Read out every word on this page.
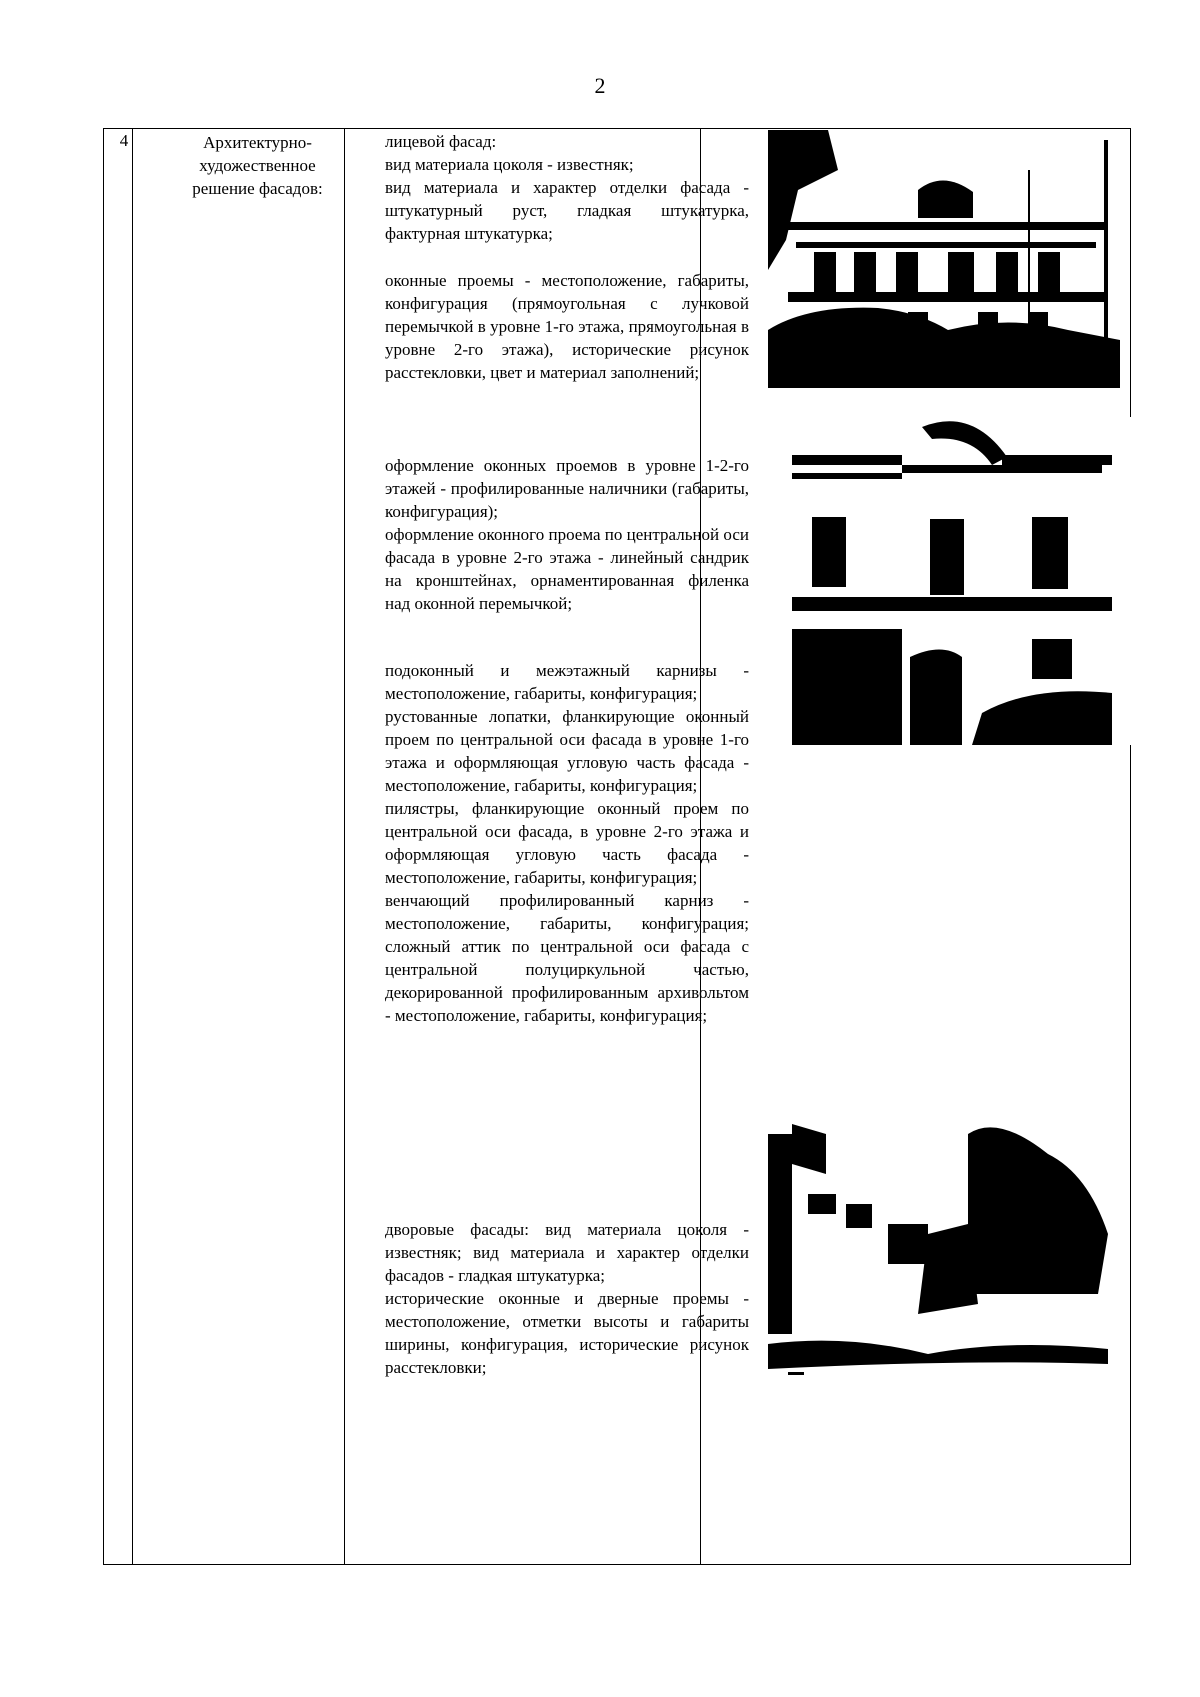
2
4	Архитектурно-
художественное
решение фасадов:

лицевой фасад:
вид материала цоколя - известняк;
вид материала и характер отделки фасада - штукатурный руст, гладкая штукатурка, фактурная штукатурка;

оконные проемы - местоположение, габариты, конфигурация (прямоугольная с лучковой перемычкой в уровне 1-го этажа, прямоугольная в уровне 2-го этажа), исторические рисунок расстекловки, цвет и материал заполнений;

оформление оконных проемов в уровне 1-2-го этажей - профилированные наличники (габариты, конфигурация);
оформление оконного проема по центральной оси фасада в уровне 2-го этажа - линейный сандрик на кронштейнах, орнаментированная филенка над оконной перемычкой;

подоконный и межэтажный карнизы - местоположение, габариты, конфигурация;
рустованные лопатки, фланкирующие оконный проем по центральной оси фасада в уровне 1-го этажа и оформляющая угловую часть фасада - местоположение, габариты, конфигурация;
пилястры, фланкирующие оконный проем по центральной оси фасада, в уровне 2-го этажа и оформляющая угловую часть фасада - местоположение, габариты, конфигурация;
венчающий профилированный карниз - местоположение, габариты, конфигурация; сложный аттик по центральной оси фасада с центральной полуциркульной частью, декорированной профилированным архивольтом - местоположение, габариты, конфигурация;

дворовые фасады: вид материала цоколя - известняк; вид материала и характер отделки фасадов - гладкая штукатурка;
исторические оконные и дверные проемы - местоположение, отметки высоты и габариты ширины, конфигурация, исторические рисунок расстекловки;
